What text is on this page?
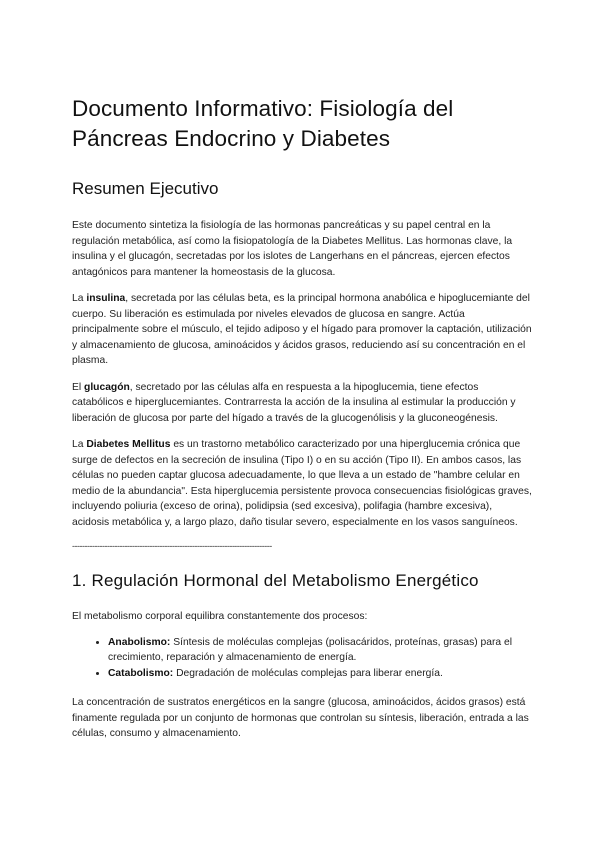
Documento Informativo: Fisiología del Páncreas Endocrino y Diabetes
Resumen Ejecutivo

Este documento sintetiza la fisiología de las hormonas pancreáticas y su papel central en la regulación metabólica, así como la fisiopatología de la Diabetes Mellitus. Las hormonas clave, la insulina y el glucagón, secretadas por los islotes de Langerhans en el páncreas, ejercen efectos antagónicos para mantener la homeostasis de la glucosa.

La insulina, secretada por las células beta, es la principal hormona anabólica e hipoglucemiante del cuerpo. Su liberación es estimulada por niveles elevados de glucosa en sangre. Actúa principalmente sobre el músculo, el tejido adiposo y el hígado para promover la captación, utilización y almacenamiento de glucosa, aminoácidos y ácidos grasos, reduciendo así su concentración en el plasma.

El glucagón, secretado por las células alfa en respuesta a la hipoglucemia, tiene efectos catabólicos e hiperglucemiantes. Contrarresta la acción de la insulina al estimular la producción y liberación de glucosa por parte del hígado a través de la glucogenólisis y la gluconeogénesis.

La Diabetes Mellitus es un trastorno metabólico caracterizado por una hiperglucemia crónica que surge de defectos en la secreción de insulina (Tipo I) o en su acción (Tipo II). En ambos casos, las células no pueden captar glucosa adecuadamente, lo que lleva a un estado de "hambre celular en medio de la abundancia". Esta hiperglucemia persistente provoca consecuencias fisiológicas graves, incluyendo poliuria (exceso de orina), polidipsia (sed excesiva), polifagia (hambre excesiva), acidosis metabólica y, a largo plazo, daño tisular severo, especialmente en los vasos sanguíneos.

--------------------------------------------------------------------------------
1. Regulación Hormonal del Metabolismo Energético

El metabolismo corporal equilibra constantemente dos procesos:

• Anabolismo: Síntesis de moléculas complejas (polisacáridos, proteínas, grasas) para el crecimiento, reparación y almacenamiento de energía.
• Catabolismo: Degradación de moléculas complejas para liberar energía.

La concentración de sustratos energéticos en la sangre (glucosa, aminoácidos, ácidos grasos) está finamente regulada por un conjunto de hormonas que controlan su síntesis, liberación, entrada a las células, consumo y almacenamiento.
